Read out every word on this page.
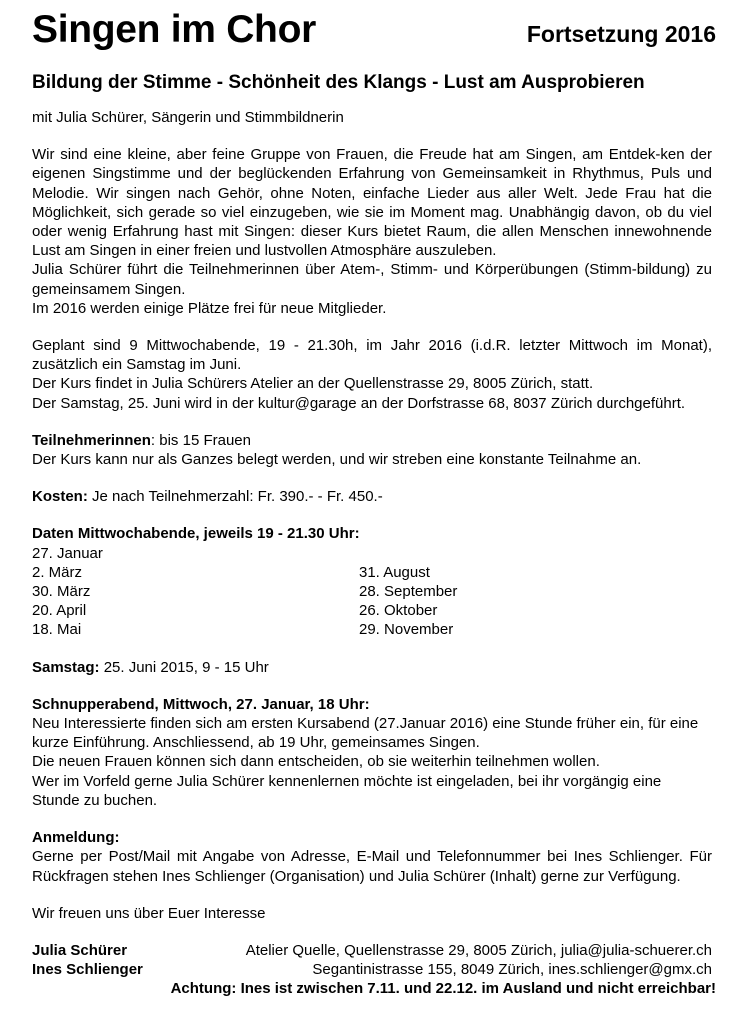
Singen im Chor	Fortsetzung 2016
Bildung der Stimme - Schönheit des Klangs - Lust am Ausprobieren

mit Julia Schürer, Sängerin und Stimmbildnerin

Wir sind eine kleine, aber feine Gruppe von Frauen, die Freude hat am Singen, am Entdek-ken der eigenen Singstimme und der beglückenden Erfahrung von Gemeinsamkeit in Rhythmus, Puls und Melodie. Wir singen nach Gehör, ohne Noten, einfache Lieder aus aller Welt. Jede Frau hat die Möglichkeit, sich gerade so viel einzugeben, wie sie im Moment mag. Unabhängig davon, ob du viel oder wenig Erfahrung hast mit Singen: dieser Kurs bietet Raum, die allen Menschen innewohnende Lust am Singen in einer freien und lustvollen Atmosphäre auszuleben.

Julia Schürer führt die Teilnehmerinnen über Atem-, Stimm- und Körperübungen (Stimm-bildung) zu gemeinsamem Singen.

Im 2016 werden einige Plätze frei für neue Mitglieder.

Geplant sind 9 Mittwochabende, 19 - 21.30h, im Jahr 2016 (i.d.R. letzter Mittwoch im Monat), zusätzlich ein Samstag im Juni.

Der Kurs findet in Julia Schürers Atelier an der Quellenstrasse 29, 8005 Zürich, statt.

Der Samstag, 25. Juni wird in der kultur@garage an der Dorfstrasse 68, 8037 Zürich durchgeführt.

Teilnehmerinnen: bis 15 Frauen

Der Kurs kann nur als Ganzes belegt werden, und wir streben eine konstante Teilnahme an.

Kosten: Je nach Teilnehmerzahl: Fr. 390.- - Fr. 450.-

Daten Mittwochabende, jeweils 19 - 21.30 Uhr:

27. Januar

2. März	31. August
30. März	28. September
20. April	26. Oktober
18. Mai	29. November

Samstag: 25. Juni 2015, 9 - 15 Uhr

Schnupperabend, Mittwoch, 27. Januar, 18 Uhr:

Neu Interessierte finden sich am ersten Kursabend (27.Januar 2016) eine Stunde früher ein, für eine kurze Einführung. Anschliessend, ab 19 Uhr, gemeinsames Singen.

Die neuen Frauen können sich dann entscheiden, ob sie weiterhin teilnehmen wollen.

Wer im Vorfeld gerne Julia Schürer kennenlernen möchte ist eingeladen, bei ihr vorgängig eine Stunde zu buchen.

Anmeldung:

Gerne per Post/Mail mit Angabe von Adresse, E-Mail und Telefonnummer bei Ines Schlienger. Für Rückfragen stehen Ines Schlienger (Organisation) und Julia Schürer (Inhalt) gerne zur Verfügung.

Wir freuen uns über Euer Interesse

Julia Schürer	Atelier Quelle, Quellenstrasse 29, 8005 Zürich, julia@julia-schuerer.ch
Ines Schlienger	Segantinistrasse 155, 8049 Zürich, ines.schlienger@gmx.ch
Achtung: Ines ist zwischen 7.11. und 22.12. im Ausland und nicht erreichbar!
